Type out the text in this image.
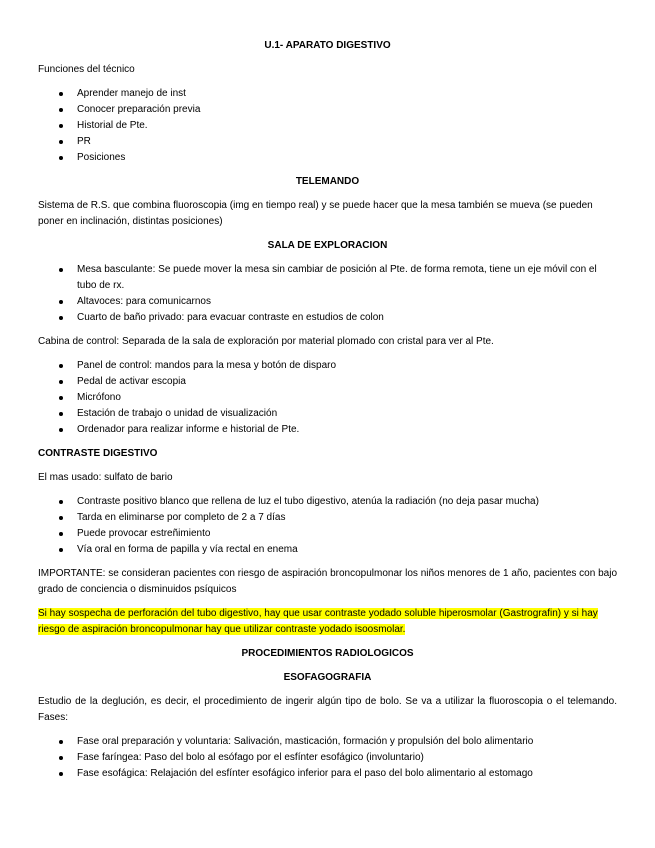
U.1- APARATO DIGESTIVO

Funciones del técnico

Aprender manejo de inst
Conocer preparación previa
Historial de Pte.
PR
Posiciones
TELEMANDO

Sistema de R.S. que combina fluoroscopia (img en tiempo real) y se puede hacer que la mesa también se mueva (se pueden poner en inclinación, distintas posiciones)

SALA DE EXPLORACION
Mesa basculante: Se puede mover la mesa sin cambiar de posición al Pte. de forma remota, tiene un eje móvil con el tubo de rx.
Altavoces: para comunicarnos
Cuarto de baño privado: para evacuar contraste en estudios de colon

Cabina de control: Separada de la sala de exploración por material plomado con cristal para ver al Pte.

Panel de control: mandos para la mesa y botón de disparo
Pedal de activar escopia
Micrófono
Estación de trabajo o unidad de visualización
Ordenador para realizar informe e historial de Pte.
CONTRASTE DIGESTIVO

El mas usado: sulfato de bario

Contraste positivo blanco que rellena de luz el tubo digestivo, atenúa la radiación (no deja pasar mucha)
Tarda en eliminarse por completo de 2 a 7 días
Puede provocar estreñimiento
Vía oral en forma de papilla y vía rectal en enema

IMPORTANTE: se consideran pacientes con riesgo de aspiración broncopulmonar los niños menores de 1 año, pacientes con bajo grado de conciencia o disminuidos psíquicos

Si hay sospecha de perforación del tubo digestivo, hay que usar contraste yodado soluble hiperosmolar (Gastrografin) y si hay riesgo de aspiración broncopulmonar hay que utilizar contraste yodado isoosmolar.

PROCEDIMIENTOS RADIOLOGICOS
ESOFAGOGRAFIA

Estudio de la deglución, es decir, el procedimiento de ingerir algún tipo de bolo. Se va a utilizar la fluoroscopia o el telemando. Fases:

Fase oral preparación y voluntaria: Salivación, masticación, formación y propulsión del bolo alimentario
Fase faríngea: Paso del bolo al esófago por el esfínter esofágico (involuntario)
Fase esofágica: Relajación del esfínter esofágico inferior para el paso del bolo alimentario al estomago
